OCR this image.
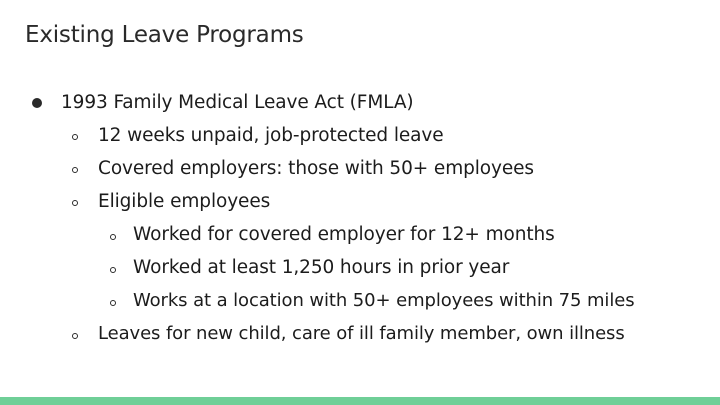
Existing Leave Programs
1993 Family Medical Leave Act (FMLA)
12 weeks unpaid, job-protected leave
Covered employers: those with 50+ employees
Eligible employees
Worked for covered employer for 12+ months
Worked at least 1,250 hours in prior year
Works at a location with 50+ employees within 75 miles
Leaves for new child, care of ill family member, own illness
